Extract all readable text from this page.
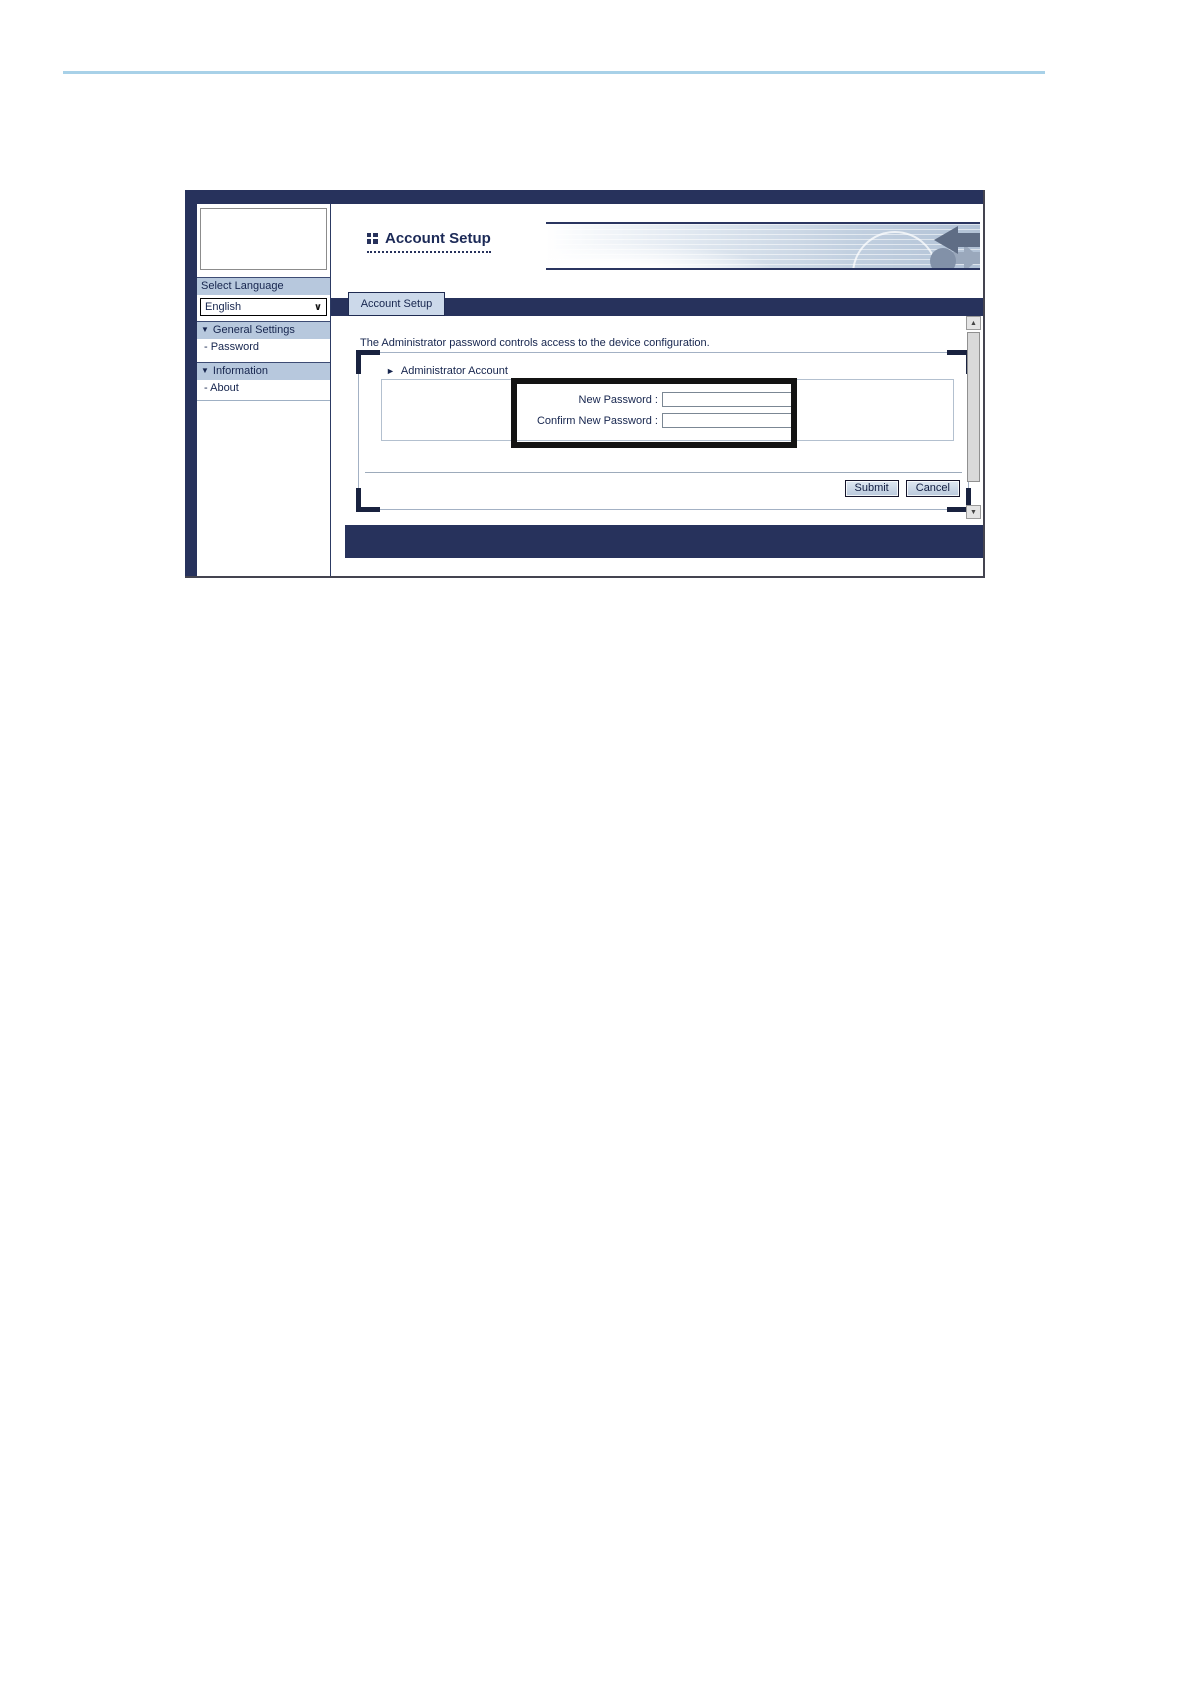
Select Language
English	∨
▼ General Settings
- Password
▼ Information
- About
Account Setup
Account Setup
The Administrator password controls access to the device configuration.
► Administrator Account
New Password :
Confirm New Password :
Submit	Cancel
▲
▼
